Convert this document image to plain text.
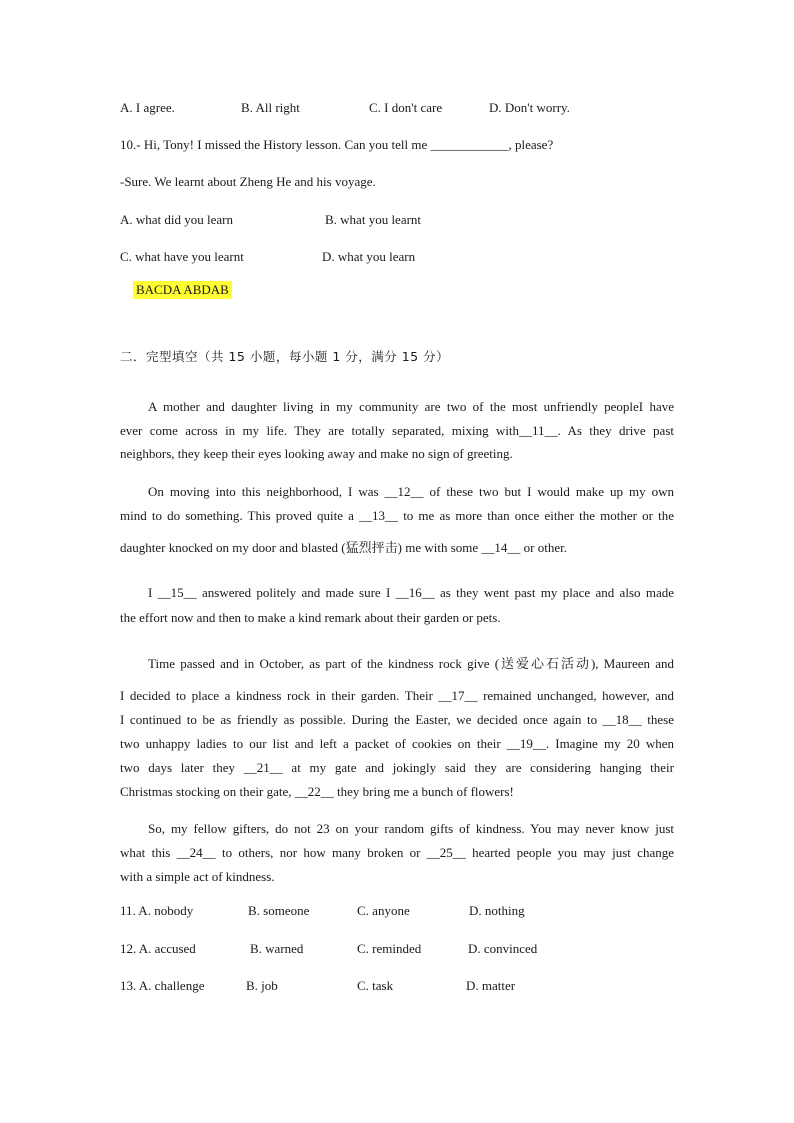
A. I agree.	B. All right	C. I don't care	D. Don't worry.
10.- Hi, Tony! I missed the History lesson. Can you tell me ____________, please?
-Sure. We learnt about Zheng He and his voyage.
A. what did you learn	B. what you learnt
C. what have you learnt	D. what you learn
BACDA ABDAB
二．完型填空（共 15 小题，每小题 1 分，满分 15 分）
A mother and daughter living in my community are two of the most unfriendly peopleI have
ever come across in my life. They are totally separated, mixing with__11__. As they drive past
neighbors, they keep their eyes looking away and make no sign of greeting.
On moving into this neighborhood, I was __12__ of these two but I would make up my own
mind to do something. This proved quite a __13__ to me as more than once either the mother or the
daughter knocked on my door and blasted (猛烈抨击) me with some __14__ or other.
I __15__ answered politely and made sure I __16__ as they went past my place and also made
the effort now and then to make a kind remark about their garden or pets.
Time passed and in October, as part of the kindness rock give (送爱心石活动), Maureen and
I decided to place a kindness rock in their garden. Their __17__ remained unchanged, however, and
I continued to be as friendly as possible. During the Easter, we decided once again to __18__ these
two unhappy ladies to our list and left a packet of cookies on their __19__. Imagine my 20 when
two days later they __21__ at my gate and jokingly said they are considering hanging their
Christmas stocking on their gate, __22__ they bring me a bunch of flowers!
So, my fellow gifters, do not 23 on your random gifts of kindness. You may never know just
what this __24__ to others, nor how many broken or __25__ hearted people you may just change
with a simple act of kindness.
11. A. nobody	B. someone	C. anyone	D. nothing
12. A. accused	B. warned	C. reminded	D. convinced
13. A. challenge	B. job	C. task	D. matter
